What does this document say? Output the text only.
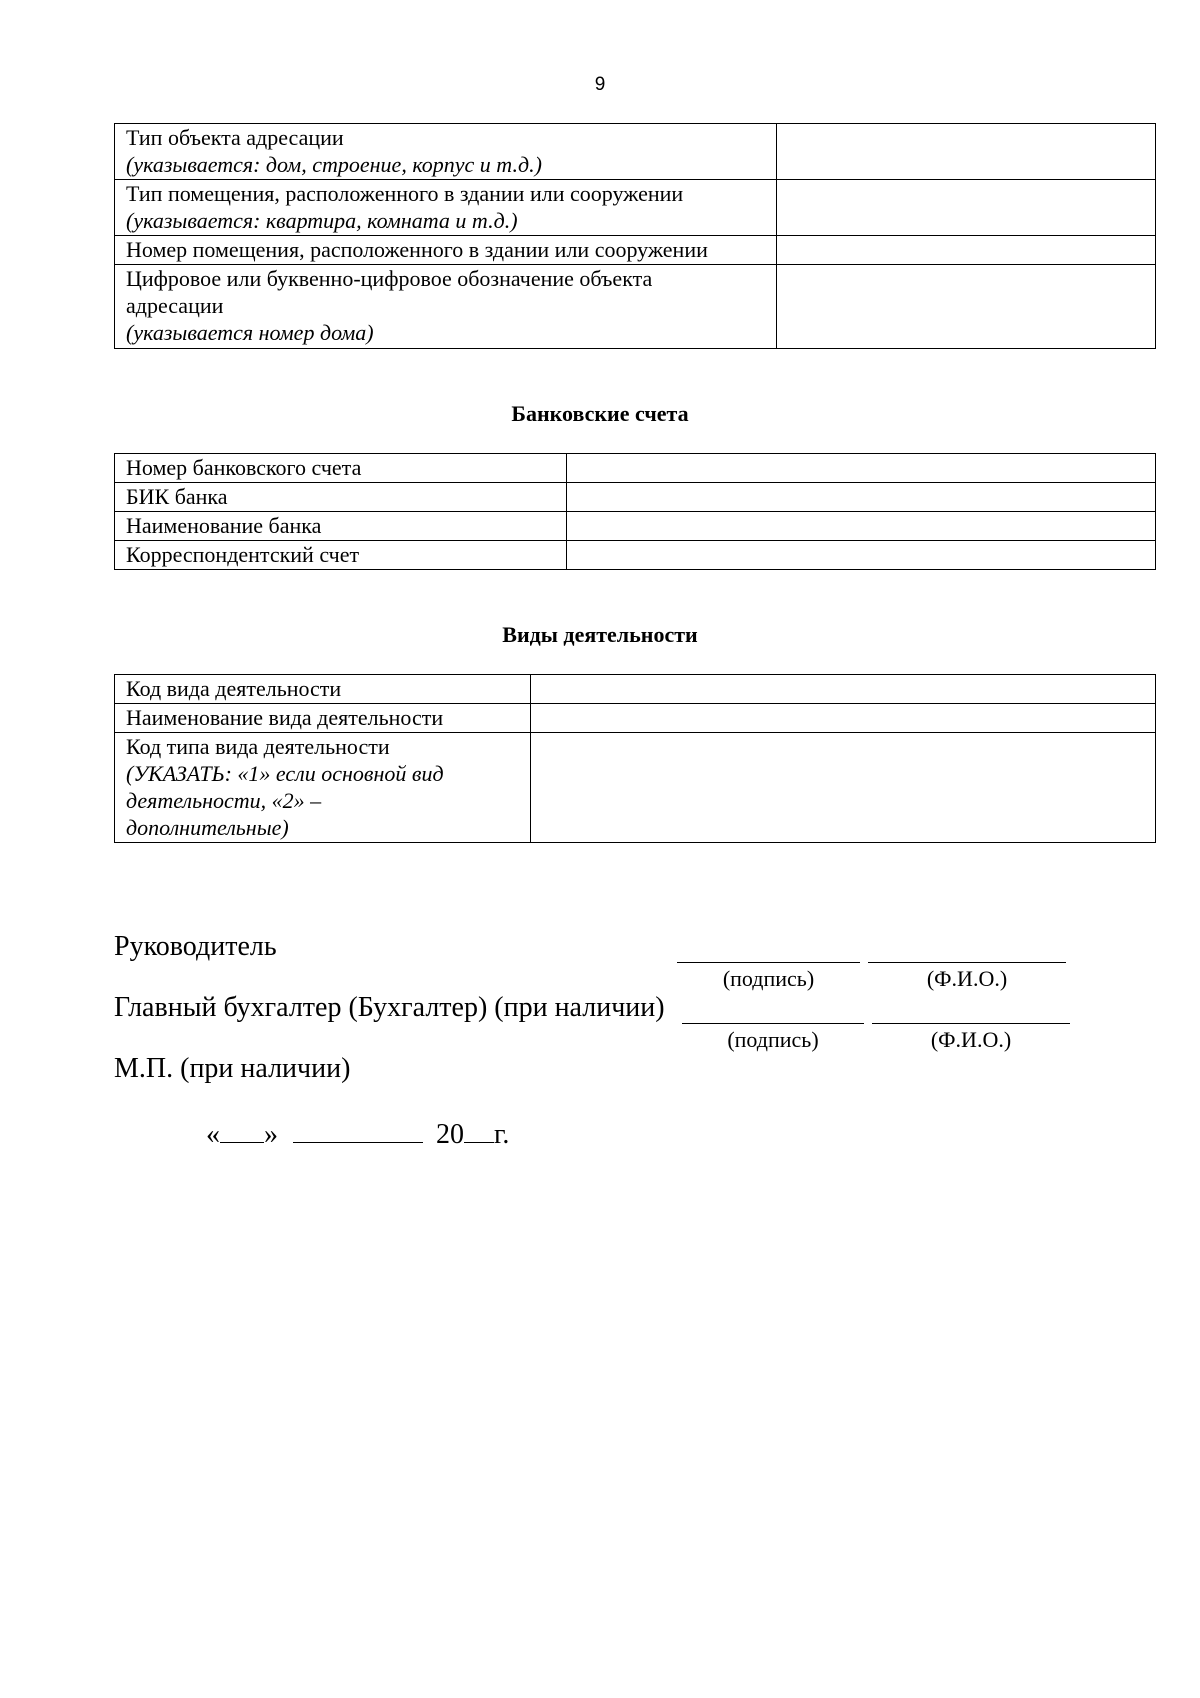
9
Тип объекта адресации
(указывается: дом, строение, корпус и т.д.)	

Тип помещения, расположенного в здании или сооружении
(указывается: квартира, комната и т.д.)	

Номер помещения, расположенного в здании или сооружении	

Цифровое или буквенно-цифровое обозначение объекта
адресации
(указывается номер дома)	

Банковские счета
Номер банковского счета	
БИК банка	
Наименование банка	
Корреспондентский счет	
Виды деятельности
Код вида деятельности	
Наименование вида деятельности	

Код типа вида деятельности
(УКАЗАТЬ: «1» если основной вид
деятельности, «2» –
дополнительные)	

Руководитель
(подпись)	(Ф.И.О.)
Главный бухгалтер (Бухгалтер) (при наличии)
(подпись)	(Ф.И.О.)
М.П. (при наличии)
« »	20 г.
